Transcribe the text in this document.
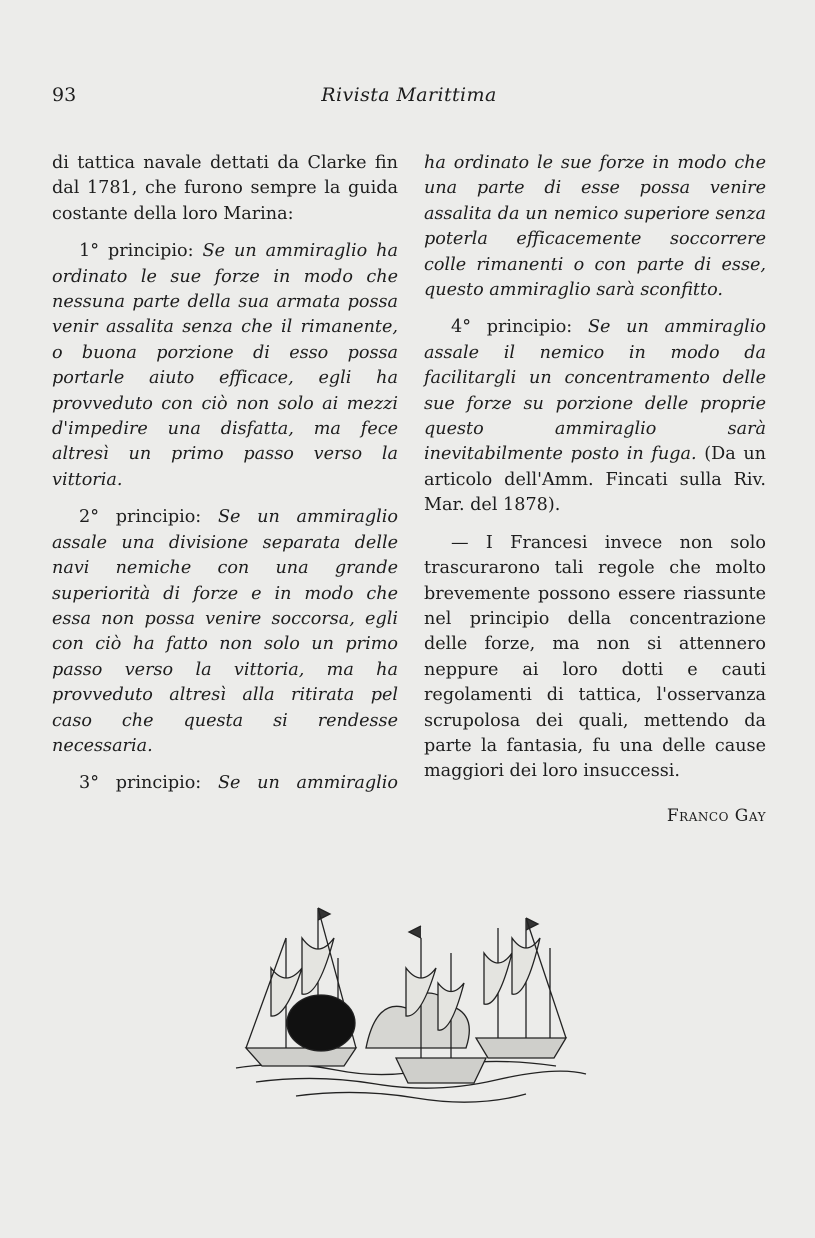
93	Rivista Marittima

di tattica navale dettati da Clarke fin dal 1781, che furono sempre la guida costante della loro Marina:

1° principio: Se un ammiraglio ha ordinato le sue forze in modo che nessuna parte della sua armata possa venir assalita senza che il rimanente, o buona porzione di esso possa portarle aiuto efficace, egli ha provveduto con ciò non solo ai mezzi d'impedire una disfatta, ma fece altresì un primo passo verso la vittoria.

2° principio: Se un ammiraglio assale una divisione separata delle navi nemiche con una grande superiorità di forze e in modo che essa non possa venire soccorsa, egli con ciò ha fatto non solo un primo passo verso la vittoria, ma ha provveduto altresì alla ritirata pel caso che questa si rendesse necessaria.

3° principio: Se un ammiraglio

ha ordinato le sue forze in modo che una parte di esse possa venire assalita da un nemico superiore senza poterla efficacemente soccorrere colle rimanenti o con parte di esse, questo ammiraglio sarà sconfitto.

4° principio: Se un ammiraglio assale il nemico in modo da facilitargli un concentramento delle sue forze su porzione delle proprie questo ammiraglio sarà inevitabilmente posto in fuga. (Da un articolo dell'Amm. Fincati sulla Riv. Mar. del 1878).

— I Francesi invece non solo trascurarono tali regole che molto brevemente possono essere riassunte nel principio della concentrazione delle forze, ma non si attennero neppure ai loro dotti e cauti regolamenti di tattica, l'osservanza scrupolosa dei quali, mettendo da parte la fantasia, fu una delle cause maggiori dei loro insuccessi.

Franco Gay
